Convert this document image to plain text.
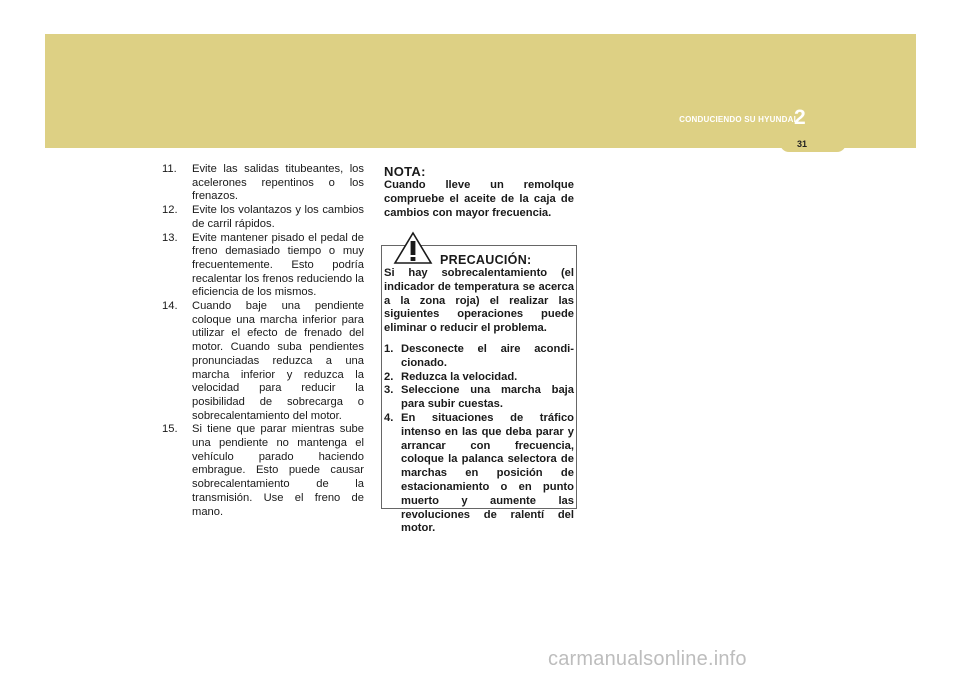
CONDUCIENDO SU HYUNDAI
2
31
11. Evite las salidas titubeantes, los acelerones repentinos o los frenazos.
12. Evite los volantazos y los cambios de carril rápidos.
13. Evite mantener pisado el pedal de freno demasiado tiempo o muy frecuentemente. Esto podría recalentar los frenos reduciendo la eficiencia de los mismos.
14. Cuando baje una pendiente coloque una marcha inferior para utilizar el efecto de frenado del motor. Cuando suba pendientes pronunciadas reduzca a una marcha inferior y reduzca la velocidad para reducir la posibilidad de sobrecarga o sobrecalentamiento del motor.
15. Si tiene que parar mientras sube una pendiente no mantenga el vehículo parado haciendo embrague. Esto puede causar sobrecalentamiento de la transmisión. Use el freno de mano.
NOTA:
Cuando lleve un remolque compruebe el aceite de la caja de cambios con mayor frecuencia.
PRECAUCIÓN:
Si hay sobrecalentamiento (el indicador de temperatura se acerca a la zona roja) el realizar las siguientes operaciones puede eliminar o reducir el problema.
1. Desconecte el aire acondi- cionado.
2. Reduzca la velocidad.
3. Seleccione una marcha baja para subir cuestas.
4. En situaciones de tráfico intenso en las que deba parar y arrancar con frecuencia, coloque la palanca selectora de marchas en posición de estacionamiento o en punto muerto y aumente las revoluciones de ralentí del motor.
carmanualsonline.info
